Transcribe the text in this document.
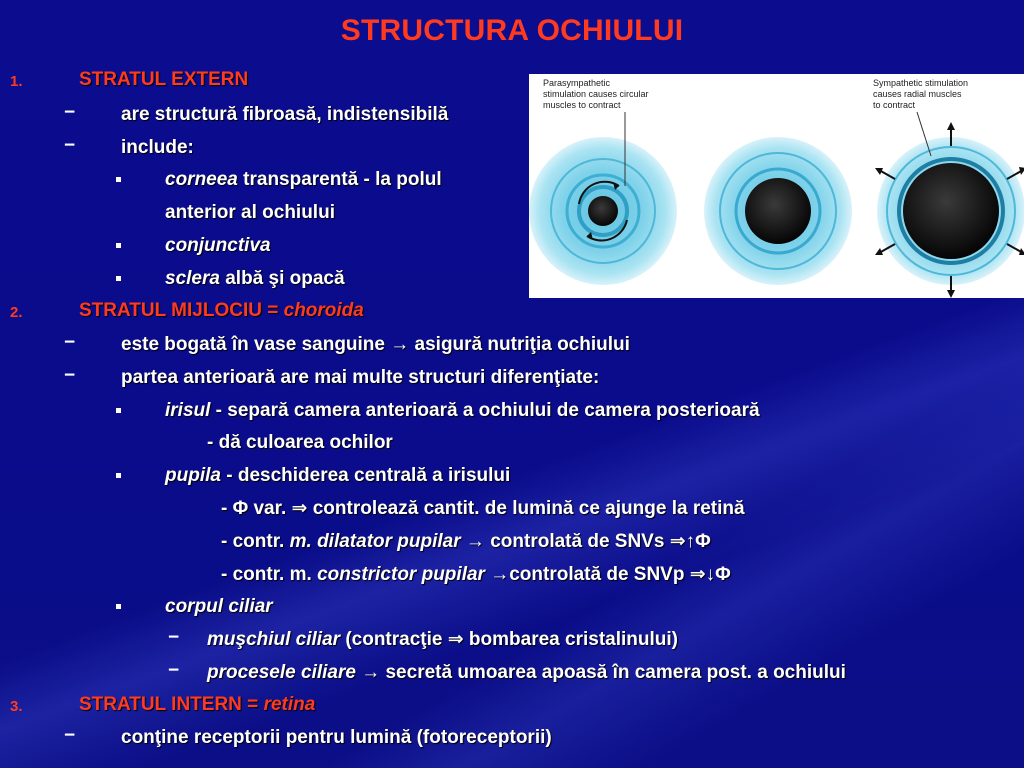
STRUCTURA OCHIULUI
1.	STRATUL EXTERN
− are structură fibroasă, indistensibilă
− include:
corneea transparentă - la polul
anterior al ochiului
conjunctiva
sclera albă şi opacă
Parasympathetic
stimulation causes circular
muscles to contract
Sympathetic stimulation
causes radial muscles
to contract
2.	STRATUL MIJLOCIU = choroida
− este bogată în vase sanguine → asigură nutriţia ochiului
− partea anterioară are mai multe structuri diferenţiate:
irisul - separă camera anterioară a ochiului de camera posterioară
- dă culoarea ochilor
pupila - deschiderea centrală a irisului
- Φ var. ⇒ controlează cantit. de lumină ce ajunge la retină
- contr. m. dilatator pupilar → controlată de SNVs ⇒↑Φ
- contr. m. constrictor pupilar →controlată de SNVp ⇒↓Φ
corpul ciliar
− muşchiul ciliar (contracţie ⇒ bombarea cristalinului)
− procesele ciliare → secretă umoarea apoasă în camera post. a ochiului
3.	STRATUL INTERN = retina
− conţine receptorii pentru lumină (fotoreceptorii)
